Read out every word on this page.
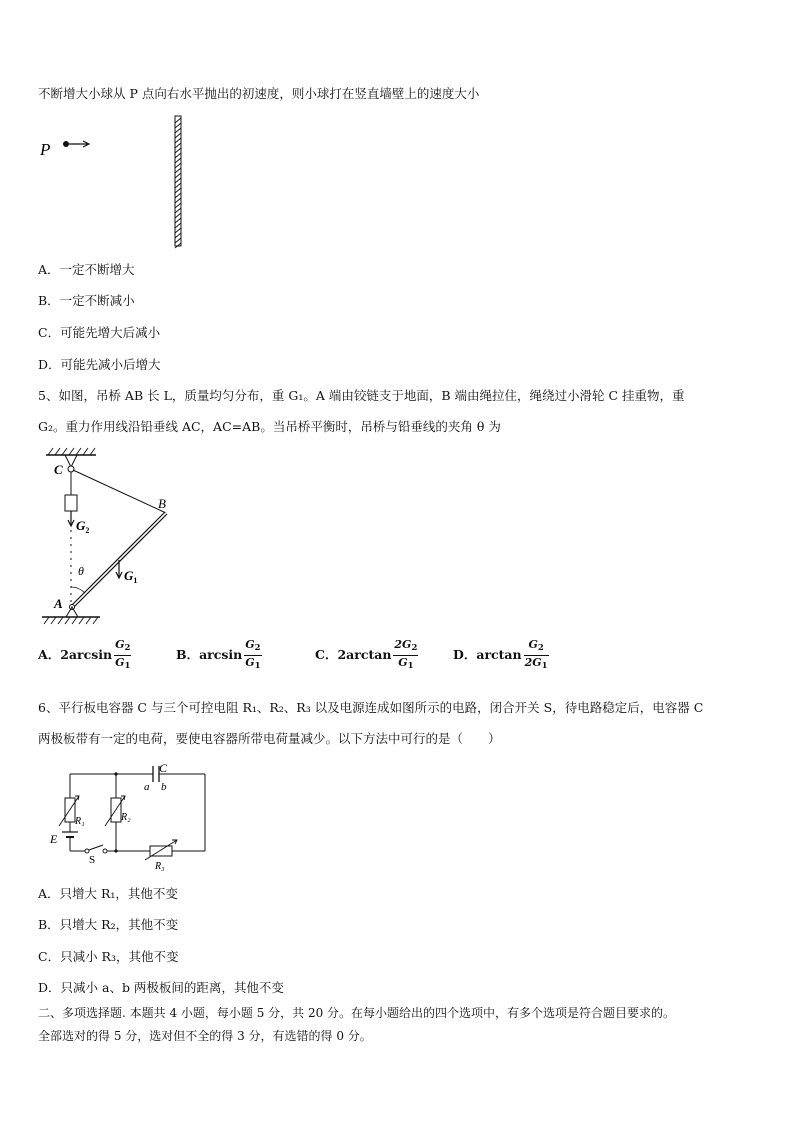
不断增大小球从 P 点向右水平抛出的初速度，则小球打在竖直墙壁上的速度大小
P
A．一定不断增大
B．一定不断减小
C．可能先增大后减小
D．可能先减小后增大
5、如图，吊桥 AB 长 L，质量均匀分布，重 G₁。A 端由铰链支于地面，B 端由绳拉住，绳绕过小滑轮 C 挂重物，重
G₂。重力作用线沿铅垂线 AC，AC=AB。当吊桥平衡时，吊桥与铅垂线的夹角 θ 为
C
$G_2$
B
$G_1$
θ
A
A．$2\arcsin \frac{G_2}{G_1}$	B．$\arcsin \frac{G_2}{G_1}$	C．$2\arctan \frac{2G_2}{G_1}$	D．$\arctan \frac{G_2}{2G_1}$
6、平行板电容器 C 与三个可控电阻 R₁、R₂、R₃ 以及电源连成如图所示的电路，闭合开关 S，待电路稳定后，电容器 C
两极板带有一定的电荷，要使电容器所带电荷量减少。以下方法中可行的是（　　）
C
a b
R₁
E
S
R₂
R₃
A．只增大 R₁，其他不变
B．只增大 R₂，其他不变
C．只减小 R₃，其他不变
D．只减小 a、b 两极板间的距离，其他不变
二、多项选择题. 本题共 4 小题，每小题 5 分，共 20 分。在每小题给出的四个选项中，有多个选项是符合题目要求的。
全部选对的得 5 分，选对但不全的得 3 分，有选错的得 0 分。
